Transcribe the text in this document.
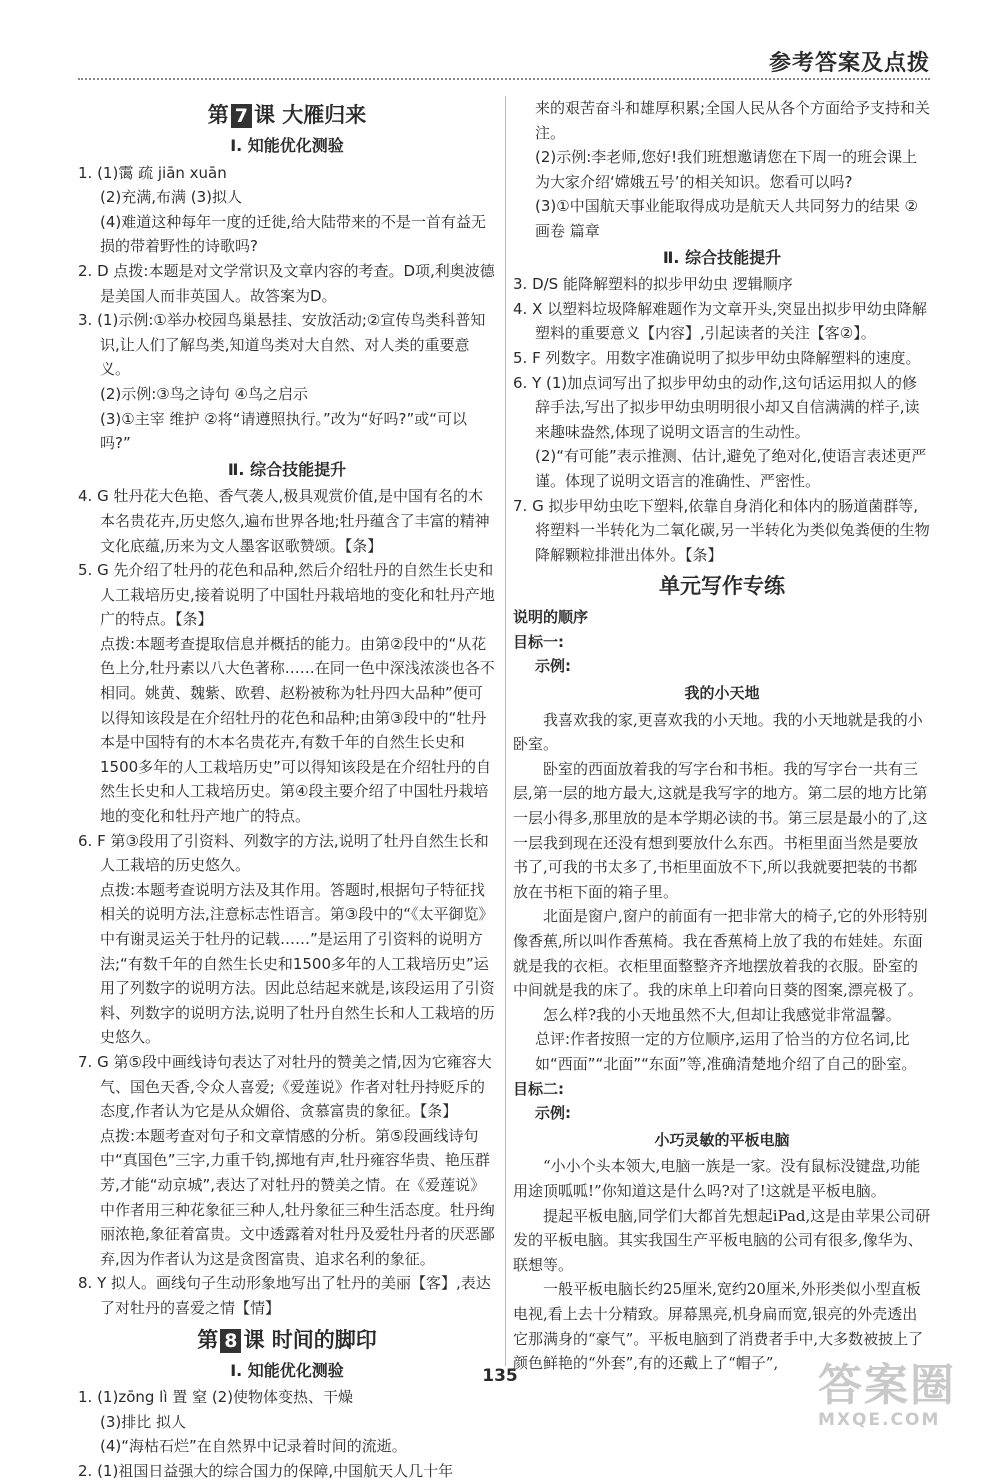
参考答案及点拨
第 7 课 大雁归来
Ⅰ. 知能优化测验

1. (1)霭 疏 jiān xuān

(2)充满,布满 (3)拟人

(4)难道这种每年一度的迁徙,给大陆带来的不是一首有益无损的带着野性的诗歌吗?

2. D 点拨:本题是对文学常识及文章内容的考查。D项,利奥波德是美国人而非英国人。故答案为D。

3. (1)示例:①举办校园鸟巢悬挂、安放活动;②宣传鸟类科普知识,让人们了解鸟类,知道鸟类对大自然、对人类的重要意义。

(2)示例:③鸟之诗句 ④鸟之启示

(3)①主宰 维护 ②将“请遵照执行。”改为“好吗?”或“可以吗?”

Ⅱ. 综合技能提升

4. G 牡丹花大色艳、香气袭人,极具观赏价值,是中国有名的木本名贵花卉,历史悠久,遍布世界各地;牡丹蕴含了丰富的精神文化底蕴,历来为文人墨客讴歌赞颂。【条】

5. G 先介绍了牡丹的花色和品种,然后介绍牡丹的自然生长史和人工栽培历史,接着说明了中国牡丹栽培地的变化和牡丹产地广的特点。【条】

点拨:本题考查提取信息并概括的能力。由第②段中的“从花色上分,牡丹素以八大色著称……在同一色中深浅浓淡也各不相同。姚黄、魏紫、欧碧、赵粉被称为牡丹四大品种”便可以得知该段是在介绍牡丹的花色和品种;由第③段中的“牡丹本是中国特有的木本名贵花卉,有数千年的自然生长史和1500多年的人工栽培历史”可以得知该段是在介绍牡丹的自然生长史和人工栽培历史。第④段主要介绍了中国牡丹栽培地的变化和牡丹产地广的特点。

6. F 第③段用了引资料、列数字的方法,说明了牡丹自然生长和人工栽培的历史悠久。

点拨:本题考查说明方法及其作用。答题时,根据句子特征找相关的说明方法,注意标志性语言。第③段中的“《太平御览》中有谢灵运关于牡丹的记载……”是运用了引资料的说明方法;“有数千年的自然生长史和1500多年的人工栽培历史”运用了列数字的说明方法。因此总结起来就是,该段运用了引资料、列数字的说明方法,说明了牡丹自然生长和人工栽培的历史悠久。

7. G 第⑤段中画线诗句表达了对牡丹的赞美之情,因为它雍容大气、国色天香,令众人喜爱;《爱莲说》作者对牡丹持贬斥的态度,作者认为它是从众媚俗、贪慕富贵的象征。【条】

点拨:本题考查对句子和文章情感的分析。第⑤段画线诗句中“真国色”三字,力重千钧,掷地有声,牡丹雍容华贵、艳压群芳,才能“动京城”,表达了对牡丹的赞美之情。在《爱莲说》中作者用三种花象征三种人,牡丹象征三种生活态度。牡丹绚丽浓艳,象征着富贵。文中透露着对牡丹及爱牡丹者的厌恶鄙弃,因为作者认为这是贪图富贵、追求名利的象征。

8. Y 拟人。画线句子生动形象地写出了牡丹的美丽【客】,表达了对牡丹的喜爱之情【情】

第 8 课 时间的脚印
Ⅰ. 知能优化测验

1. (1)zōng lì 置 窒 (2)使物体变热、干燥

(3)排比 拟人

(4)“海枯石烂”在自然界中记录着时间的流逝。

2. (1)祖国日益强大的综合国力的保障,中国航天人几十年

来的艰苦奋斗和雄厚积累;全国人民从各个方面给予支持和关注。

(2)示例:李老师,您好!我们班想邀请您在下周一的班会课上为大家介绍‘嫦娥五号’的相关知识。您看可以吗?

(3)①中国航天事业能取得成功是航天人共同努力的结果 ②画卷 篇章

Ⅱ. 综合技能提升

3. D/S 能降解塑料的拟步甲幼虫 逻辑顺序

4. X 以塑料垃圾降解难题作为文章开头,突显出拟步甲幼虫降解塑料的重要意义【内容】,引起读者的关注【客②】。

5. F 列数字。用数字准确说明了拟步甲幼虫降解塑料的速度。

6. Y (1)加点词写出了拟步甲幼虫的动作,这句话运用拟人的修辞手法,写出了拟步甲幼虫明明很小却又自信满满的样子,读来趣味盎然,体现了说明文语言的生动性。

(2)“有可能”表示推测、估计,避免了绝对化,使语言表述更严谨。体现了说明文语言的准确性、严密性。

7. G 拟步甲幼虫吃下塑料,依靠自身消化和体内的肠道菌群等,将塑料一半转化为二氧化碳,另一半转化为类似兔粪便的生物降解颗粒排泄出体外。【条】

单元写作专练
说明的顺序
目标一:
示例:
我的小天地

我喜欢我的家,更喜欢我的小天地。我的小天地就是我的小卧室。

卧室的西面放着我的写字台和书柜。我的写字台一共有三层,第一层的地方最大,这就是我写字的地方。第二层的地方比第一层小得多,那里放的是本学期必读的书。第三层是最小的了,这一层我到现在还没有想到要放什么东西。书柜里面当然是要放书了,可我的书太多了,书柜里面放不下,所以我就要把装的书都放在书柜下面的箱子里。

北面是窗户,窗户的前面有一把非常大的椅子,它的外形特别像香蕉,所以叫作香蕉椅。我在香蕉椅上放了我的布娃娃。东面就是我的衣柜。衣柜里面整整齐齐地摆放着我的衣服。卧室的中间就是我的床了。我的床单上印着向日葵的图案,漂亮极了。

怎么样?我的小天地虽然不大,但却让我感觉非常温馨。

总评:作者按照一定的方位顺序,运用了恰当的方位名词,比如“西面”“北面”“东面”等,准确清楚地介绍了自己的卧室。

目标二:
示例:
小巧灵敏的平板电脑

“小小个头本领大,电脑一族是一家。没有鼠标没键盘,功能用途顶呱呱!”你知道这是什么吗?对了!这就是平板电脑。

提起平板电脑,同学们大都首先想起iPad,这是由苹果公司研发的平板电脑。其实我国生产平板电脑的公司有很多,像华为、联想等。

一般平板电脑长约25厘米,宽约20厘米,外形类似小型直板电视,看上去十分精致。屏幕黑亮,机身扁而宽,银亮的外壳透出它那满身的“豪气”。平板电脑到了消费者手中,大多数被披上了颜色鲜艳的“外套”,有的还戴上了“帽子”,

135	答案圈
MXQE.COM
